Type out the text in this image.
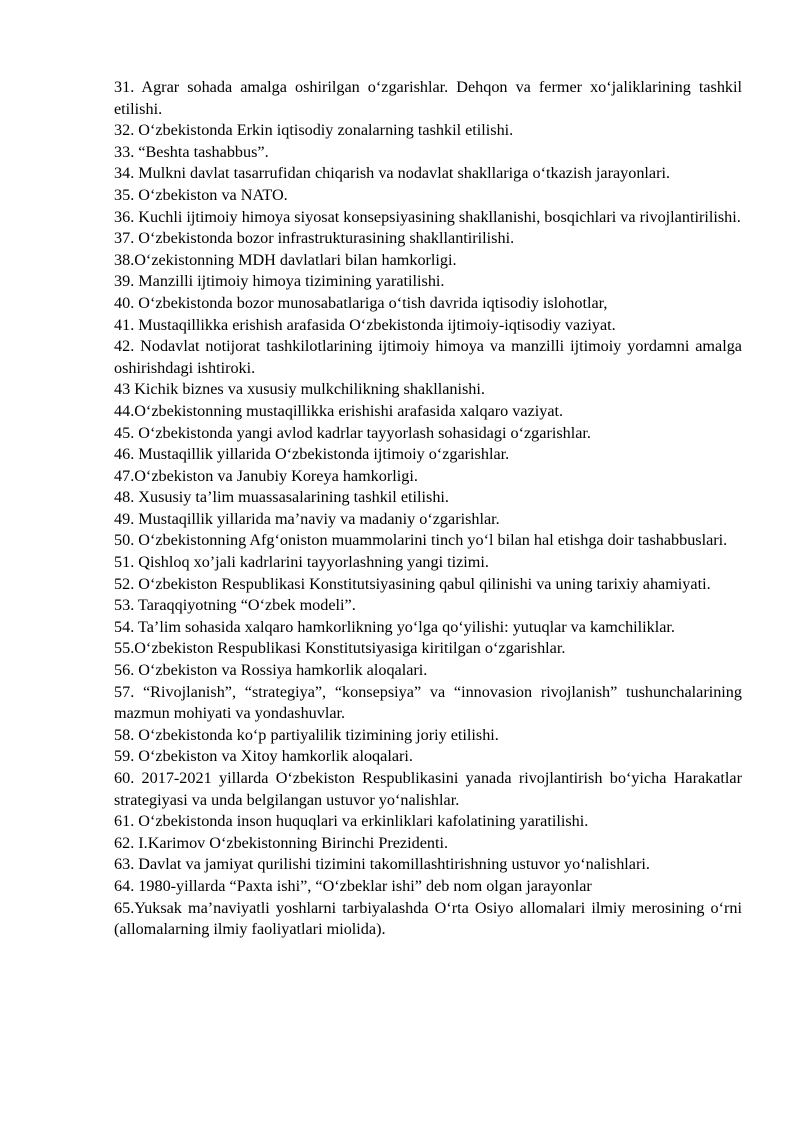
31. Agrar sohada amalga oshirilgan o‘zgarishlar. Dehqon va fermer xo‘jaliklarining tashkil etilishi.

32. O‘zbekistonda Erkin iqtisodiy zonalarning tashkil etilishi.

33. “Beshta tashabbus”.

34. Mulkni davlat tasarrufidan chiqarish va nodavlat shakllariga o‘tkazish jarayonlari.

35. O‘zbekiston va NATO.

36. Kuchli ijtimoiy himoya siyosat konsepsiyasining shakllanishi, bosqichlari va rivojlantirilishi.

37. O‘zbekistonda bozor infrastrukturasining shakllantirilishi.

38.O‘zekistonning MDH davlatlari bilan hamkorligi.

39. Manzilli ijtimoiy himoya tizimining yaratilishi.

40. O‘zbekistonda bozor munosabatlariga o‘tish davrida iqtisodiy islohotlar,

41. Mustaqillikka erishish arafasida O‘zbekistonda ijtimoiy-iqtisodiy vaziyat.

42. Nodavlat notijorat tashkilotlarining ijtimoiy himoya va manzilli ijtimoiy yordamni amalga oshirishdagi ishtiroki.

43 Kichik biznes va xususiy mulkchilikning shakllanishi.

44.O‘zbekistonning mustaqillikka erishishi arafasida xalqaro vaziyat.

45. O‘zbekistonda yangi avlod kadrlar tayyorlash sohasidagi o‘zgarishlar.

46. Mustaqillik yillarida O‘zbekistonda ijtimoiy o‘zgarishlar.

47.O‘zbekiston va Janubiy Koreya hamkorligi.

48. Xususiy ta’lim muassasalarining tashkil etilishi.

49. Mustaqillik yillarida ma’naviy va madaniy o‘zgarishlar.

50. O‘zbekistonning Afg‘oniston muammolarini tinch yo‘l bilan hal etishga doir tashabbuslari.

51. Qishloq xo’jali kadrlarini tayyorlashning yangi tizimi.

52. O‘zbekiston Respublikasi Konstitutsiyasining qabul qilinishi va uning tarixiy ahamiyati.

53. Taraqqiyotning “O‘zbek modeli”.

54. Ta’lim sohasida xalqaro hamkorlikning yo‘lga qo‘yilishi: yutuqlar va kamchiliklar.

55.O‘zbekiston Respublikasi Konstitutsiyasiga kiritilgan o‘zgarishlar.

56. O‘zbekiston va Rossiya hamkorlik aloqalari.

57. “Rivojlanish”, “strategiya”, “konsepsiya” va “innovasion rivojlanish” tushunchalarining mazmun mohiyati va yondashuvlar.

58. O‘zbekistonda ko‘p partiyalilik tizimining joriy etilishi.

59. O‘zbekiston va Xitoy hamkorlik aloqalari.

60. 2017-2021 yillarda O‘zbekiston Respublikasini yanada rivojlantirish bo‘yicha Harakatlar strategiyasi va unda belgilangan ustuvor yo‘nalishlar.

61. O‘zbekistonda inson huquqlari va erkinliklari kafolatining yaratilishi.

62. I.Karimov O‘zbekistonning Birinchi Prezidenti.

63. Davlat va jamiyat qurilishi tizimini takomillashtirishning ustuvor yo‘nalishlari.

64. 1980-yillarda “Paxta ishi”, “O‘zbeklar ishi” deb nom olgan jarayonlar

65.Yuksak ma’naviyatli yoshlarni tarbiyalashda O‘rta Osiyo allomalari ilmiy merosining o‘rni (allomalarning ilmiy faoliyatlari miolida).
